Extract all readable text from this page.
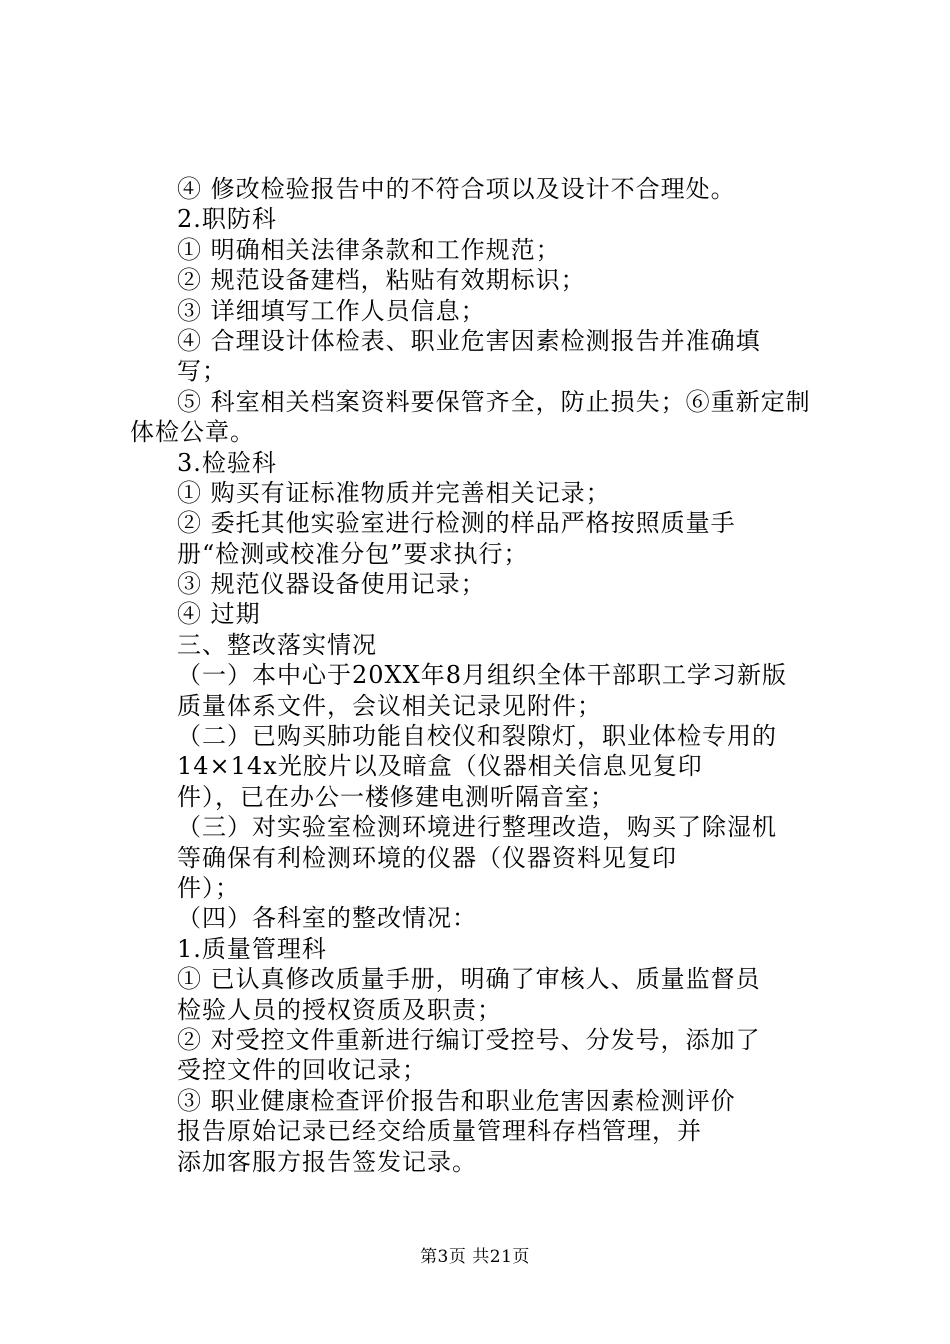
④ 修改检验报告中的不符合项以及设计不合理处。
2.职防科
① 明确相关法律条款和工作规范；
② 规范设备建档，粘贴有效期标识；
③ 详细填写工作人员信息；
④ 合理设计体检表、职业危害因素检测报告并准确填
写；
⑤ 科室相关档案资料要保管齐全，防止损失；⑥重新定制
体检公章。
3.检验科
① 购买有证标准物质并完善相关记录；
② 委托其他实验室进行检测的样品严格按照质量手
册“检测或校准分包”要求执行；
③ 规范仪器设备使用记录；
④ 过期
三、整改落实情况
（一）本中心于20XX年8月组织全体干部职工学习新版
质量体系文件，会议相关记录见附件；
（二）已购买肺功能自校仪和裂隙灯，职业体检专用的
14×14x光胶片以及暗盒（仪器相关信息见复印
件），已在办公一楼修建电测听隔音室；
（三）对实验室检测环境进行整理改造，购买了除湿机
等确保有利检测环境的仪器（仪器资料见复印
件）；
（四）各科室的整改情况：
1.质量管理科
① 已认真修改质量手册，明确了审核人、质量监督员
检验人员的授权资质及职责；
② 对受控文件重新进行编订受控号、分发号，添加了
受控文件的回收记录；
③ 职业健康检查评价报告和职业危害因素检测评价
报告原始记录已经交给质量管理科存档管理，并
添加客服方报告签发记录。
第3页 共21页
